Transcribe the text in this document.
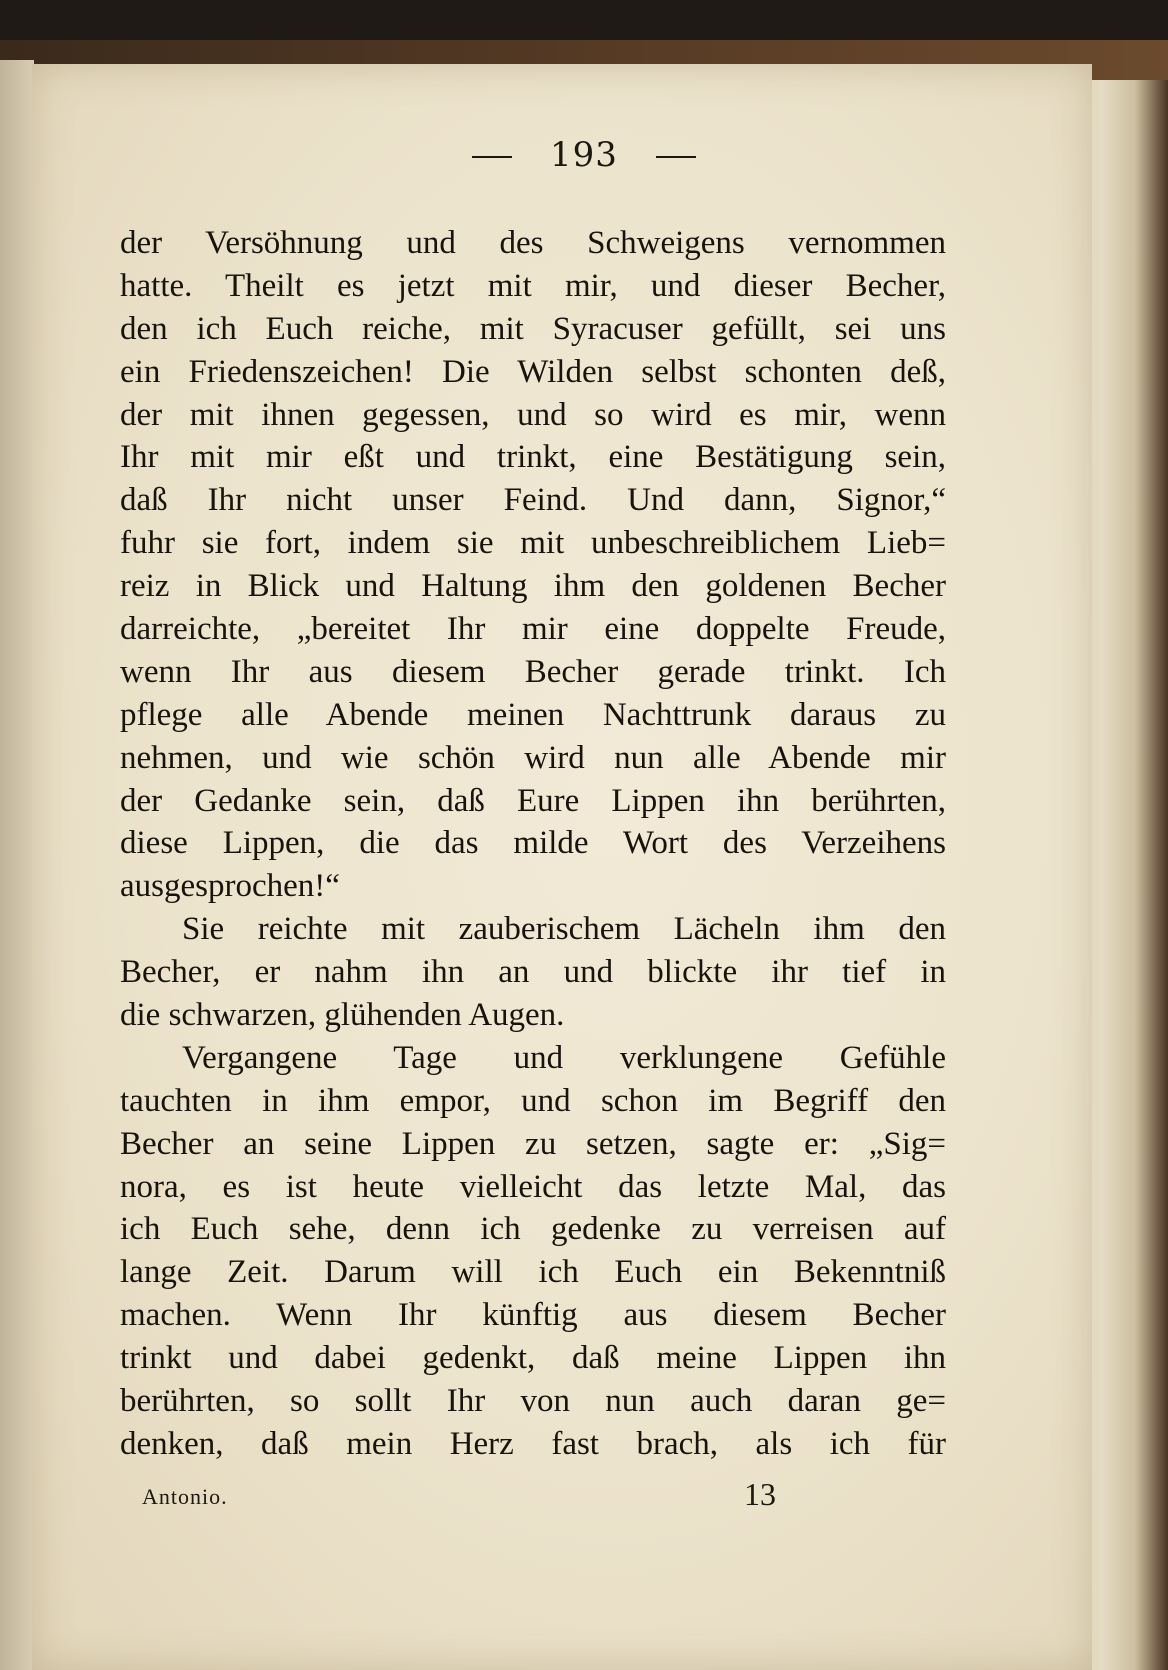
193
der Versöhnung und des Schweigens vernommen
hatte. Theilt es jetzt mit mir, und dieser Becher,
den ich Euch reiche, mit Syracuser gefüllt, sei uns
ein Friedenszeichen! Die Wilden selbst schonten deß,
der mit ihnen gegessen, und so wird es mir, wenn
Ihr mit mir eßt und trinkt, eine Bestätigung sein,
daß Ihr nicht unser Feind. Und dann, Signor,“
fuhr sie fort, indem sie mit unbeschreiblichem Lieb=
reiz in Blick und Haltung ihm den goldenen Becher
darreichte, „bereitet Ihr mir eine doppelte Freude,
wenn Ihr aus diesem Becher gerade trinkt. Ich
pflege alle Abende meinen Nachttrunk daraus zu
nehmen, und wie schön wird nun alle Abende mir
der Gedanke sein, daß Eure Lippen ihn berührten,
diese Lippen, die das milde Wort des Verzeihens
ausgesprochen!“
Sie reichte mit zauberischem Lächeln ihm den
Becher, er nahm ihn an und blickte ihr tief in
die schwarzen, glühenden Augen.
Vergangene Tage und verklungene Gefühle
tauchten in ihm empor, und schon im Begriff den
Becher an seine Lippen zu setzen, sagte er: „Sig=
nora, es ist heute vielleicht das letzte Mal, das
ich Euch sehe, denn ich gedenke zu verreisen auf
lange Zeit. Darum will ich Euch ein Bekenntniß
machen. Wenn Ihr künftig aus diesem Becher
trinkt und dabei gedenkt, daß meine Lippen ihn
berührten, so sollt Ihr von nun auch daran ge=
denken, daß mein Herz fast brach, als ich für
Antonio.	13
